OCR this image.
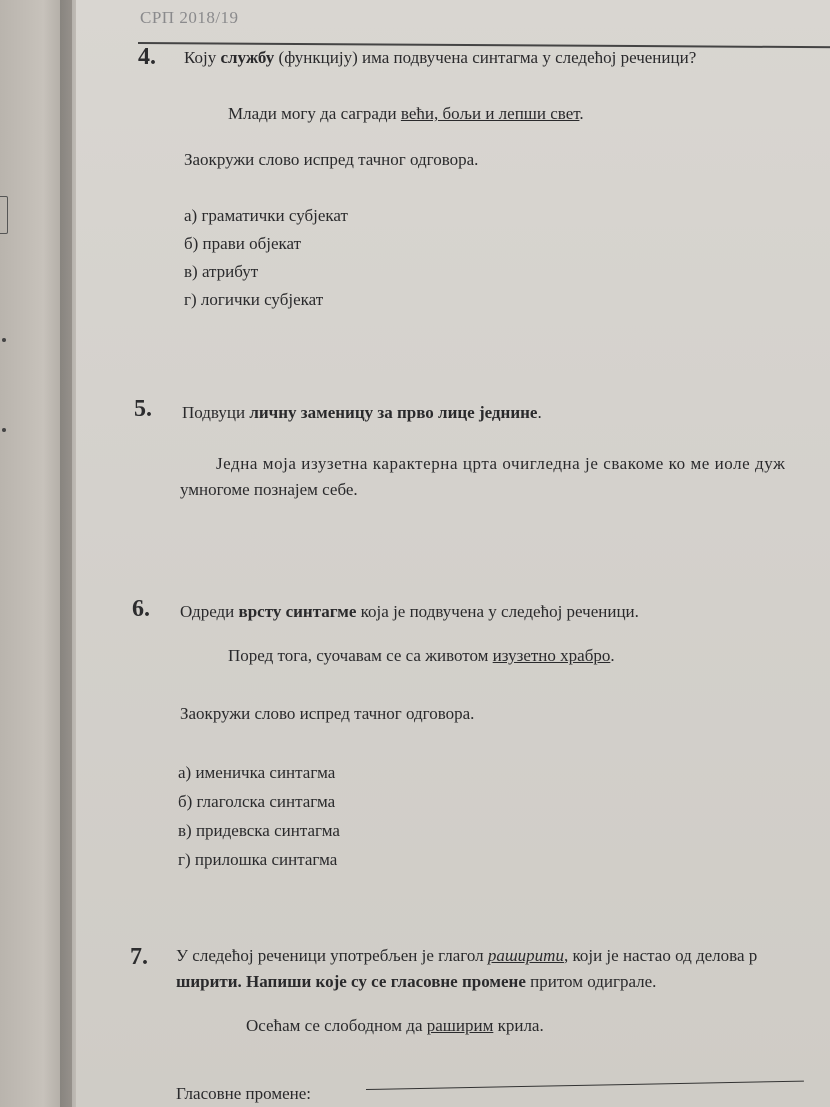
СРП 2018/19
4. Коју службу (функцију) има подвучена синтагма у следећој реченици?
Млади могу да сагради већи, бољи и лепши свет.
Заокружи слово испред тачног одговора.
а) граматички субјекат
б) прави објекат
в) атрибут
г) логички субјекат
5. Подвуци личну заменицу за прво лице једнине.
Једна моја изузетна карактерна црта очигледна је свакоме ко ме иоле дуж
умногоме познајем себе.
6. Одреди врсту синтагме која је подвучена у следећој реченици.
Поред тога, суочавам се са животом изузетно храбро.
Заокружи слово испред тачног одговора.
а) именичка синтагма
б) глаголска синтагма
в) придевска синтагма
г) прилошка синтагма
7. У следећој реченици употребљен је глагол раширити, који је настао од делова р
ширити. Напиши које су се гласовне промене притом одиграле.
Осећам се слободном да раширим крила.
Гласовне промене:
